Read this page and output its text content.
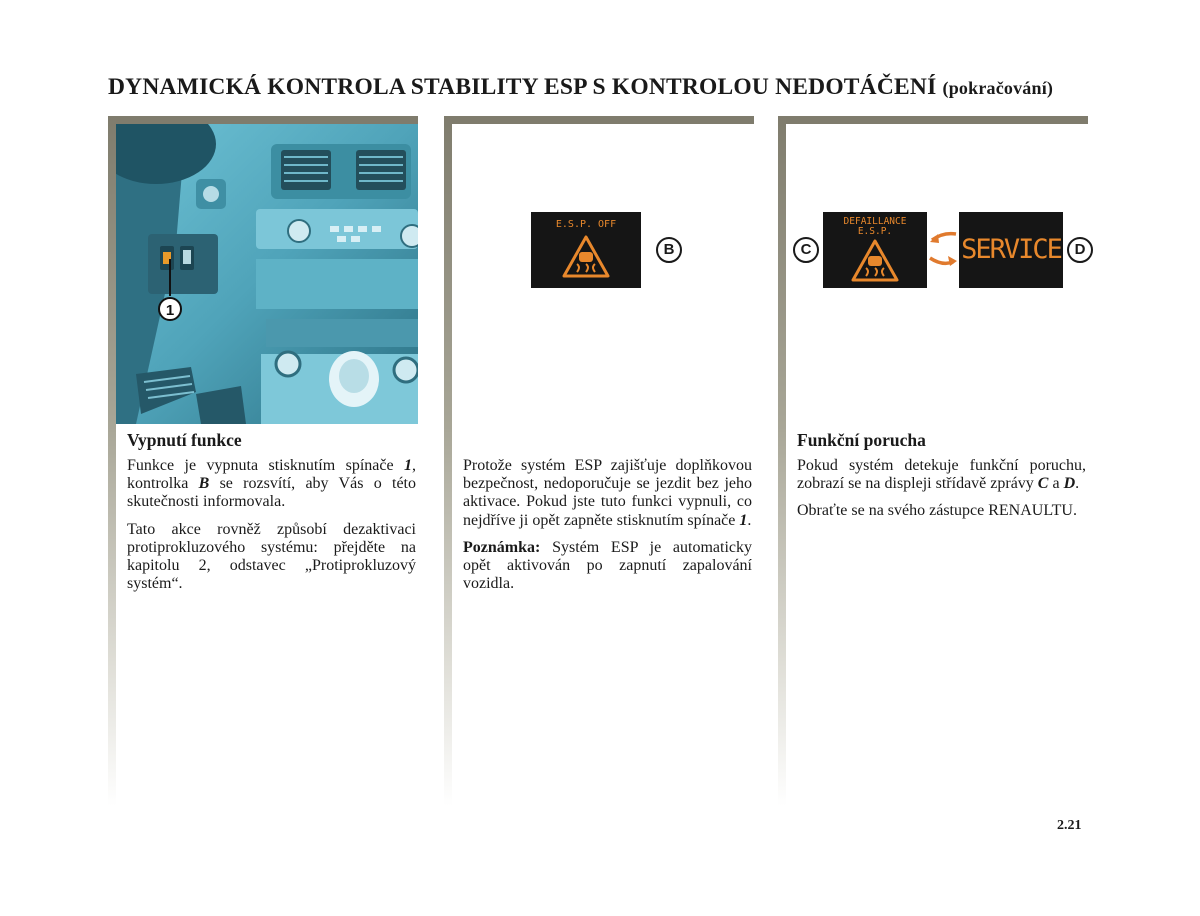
DYNAMICKÁ KONTROLA STABILITY ESP S KONTROLOU NEDOTÁČENÍ (pokračování)
1
Vypnutí funkce

Funkce je vypnuta stisknutím spínače 1, kontrolka B se rozsvítí, aby Vás o této skutečnosti informovala.

Tato akce rovněž způsobí dezaktivaci protiprokluzového systému: přejděte na kapitolu 2, odstavec „Protiprokluzový systém“.

E.S.P. OFF
B

Protože systém ESP zajišťuje doplňkovou bezpečnost, nedoporučuje se jezdit bez jeho aktivace. Pokud jste tuto funkci vypnuli, co nejdříve ji opět zapněte stisknutím spínače 1.

Poznámka: Systém ESP je automaticky opět aktivován po zapnutí zapalování vozidla.

C
DEFAILLANCE
E.S.P.
SERVICE D
Funkční porucha

Pokud systém detekuje funkční poruchu, zobrazí se na displeji střídavě zprávy C a D.

Obraťte se na svého zástupce RENAULTU.

2.21
